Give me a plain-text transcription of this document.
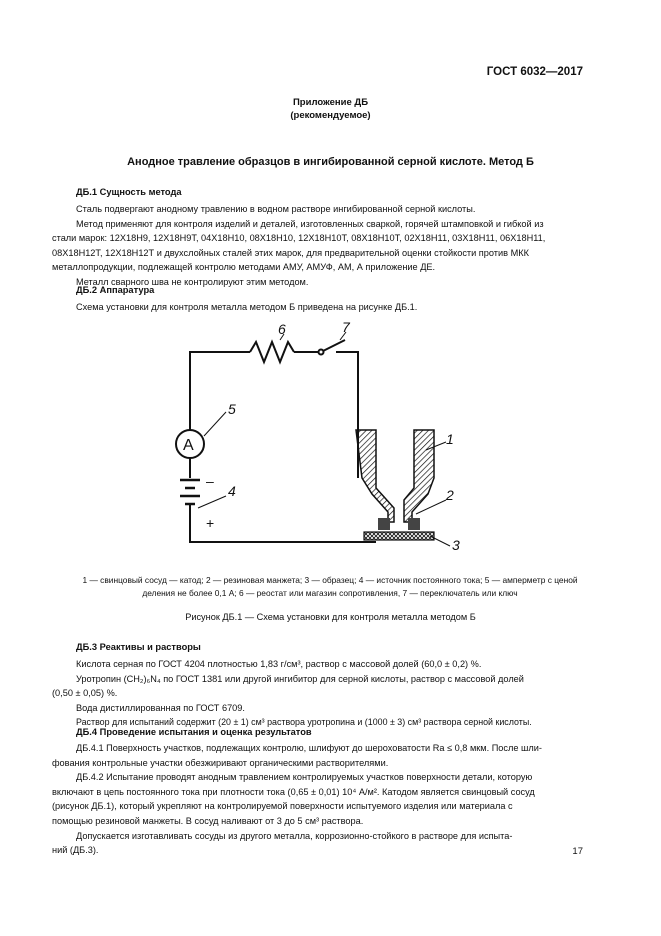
ГОСТ 6032—2017
Приложение ДБ
(рекомендуемое)
Анодное травление образцов в ингибированной серной кислоте. Метод Б
ДБ.1 Сущность метода
Сталь подвергают анодному травлению в водном растворе ингибированной серной кислоты.
Метод применяют для контроля изделий и деталей, изготовленных сваркой, горячей штамповкой и гибкой из
стали марок: 12Х18Н9, 12Х18Н9Т, 04Х18Н10, 08Х18Н10, 12Х18Н10Т, 08Х18Н10Т, 02Х18Н11, 03Х18Н11, 06Х18Н11,
08Х18Н12Т, 12Х18Н12Т и двухслойных сталей этих марок, для предварительной оценки стойкости против МКК
металлопродукции, подлежащей контролю методами АМУ, АМУФ, АМ, А приложение ДЕ.
Металл сварного шва не контролируют этим методом.
ДБ.2 Аппаратура
Схема установки для контроля металла методом Б приведена на рисунке ДБ.1.
6	7
5
4
1
2
3
А
–
+
1 — свинцовый сосуд — катод; 2 — резиновая манжета; 3 — образец; 4 — источник постоянного тока; 5 — амперметр с ценой
деления не более 0,1 А; 6 — реостат или магазин сопротивления, 7 — переключатель или ключ
Рисунок ДБ.1 — Схема установки для контроля металла методом Б
ДБ.3 Реактивы и растворы
Кислота серная по ГОСТ 4204 плотностью 1,83 г/см³, раствор с массовой долей (60,0 ± 0,2) %.
Уротропин (CH₂)₆N₄ по ГОСТ 1381 или другой ингибитор для серной кислоты, раствор с массовой долей
(0,50 ± 0,05) %.
Вода дистиллированная по ГОСТ 6709.
Раствор для испытаний содержит (20 ± 1) см³ раствора уротропина и (1000 ± 3) см³ раствора серной кислоты.
ДБ.4 Проведение испытания и оценка результатов
ДБ.4.1 Поверхность участков, подлежащих контролю, шлифуют до шероховатости Ra ≤ 0,8 мкм. После шли-
фования контрольные участки обезжиривают органическими растворителями.
ДБ.4.2 Испытание проводят анодным травлением контролируемых участков поверхности детали, которую
включают в цепь постоянного тока при плотности тока (0,65 ± 0,01) 10⁴ А/м². Катодом является свинцовый сосуд
(рисунок ДБ.1), который укрепляют на контролируемой поверхности испытуемого изделия или материала с
помощью резиновой манжеты. В сосуд наливают от 3 до 5 см³ раствора.
Допускается изготавливать сосуды из другого металла, коррозионно-стойкого в растворе для испыта-
ний (ДБ.3).	17
